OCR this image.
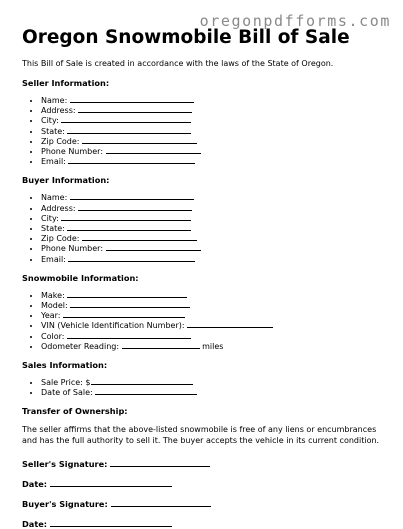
oregonpdfforms.com
Oregon Snowmobile Bill of Sale

This Bill of Sale is created in accordance with the laws of the State of Oregon.

Seller Information:
• Name:
• Address:
• City:
• State:
• Zip Code:
• Phone Number:
• Email:
Buyer Information:
• Name:
• Address:
• City:
• State:
• Zip Code:
• Phone Number:
• Email:
Snowmobile Information:
• Make:
• Model:
• Year:
• VIN (Vehicle Identification Number):
• Color:
• Odometer Reading:	miles
Sales Information:
• Sale Price: $
• Date of Sale:
Transfer of Ownership:

The seller affirms that the above-listed snowmobile is free of any liens or encumbrances and has the full authority to sell it. The buyer accepts the vehicle in its current condition.

Seller's Signature:

Date:

Buyer's Signature:

Date:
